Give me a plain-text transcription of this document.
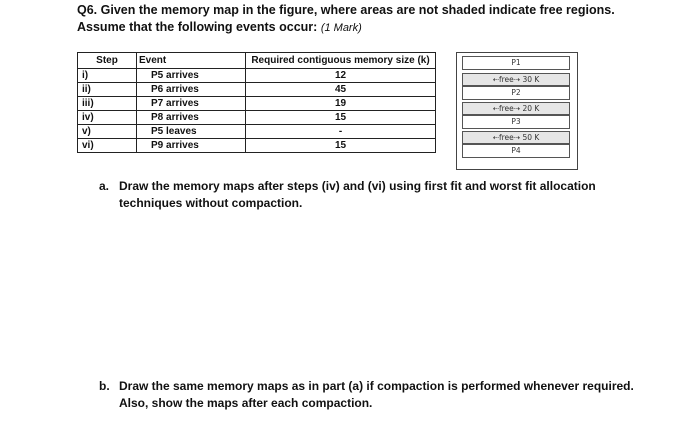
Q6. Given the memory map in the figure, where areas are not shaded indicate free regions.
Assume that the following events occur: (1 Mark)
Step	Event	Required contiguous memory size (k)
i)	P5 arrives	12
ii)	P6 arrives	45
iii)	P7 arrives	19
iv)	P8 arrives	15
v)	P5 leaves	-
vi)	P9 arrives	15
P1
⇠free⇢ 30 K
P2
⇠free⇢ 20 K
P3
⇠free⇢ 50 K
P4
a. Draw the memory maps after steps (iv) and (vi) using first fit and worst fit allocation techniques without compaction.
b. Draw the same memory maps as in part (a) if compaction is performed whenever required. Also, show the maps after each compaction.
